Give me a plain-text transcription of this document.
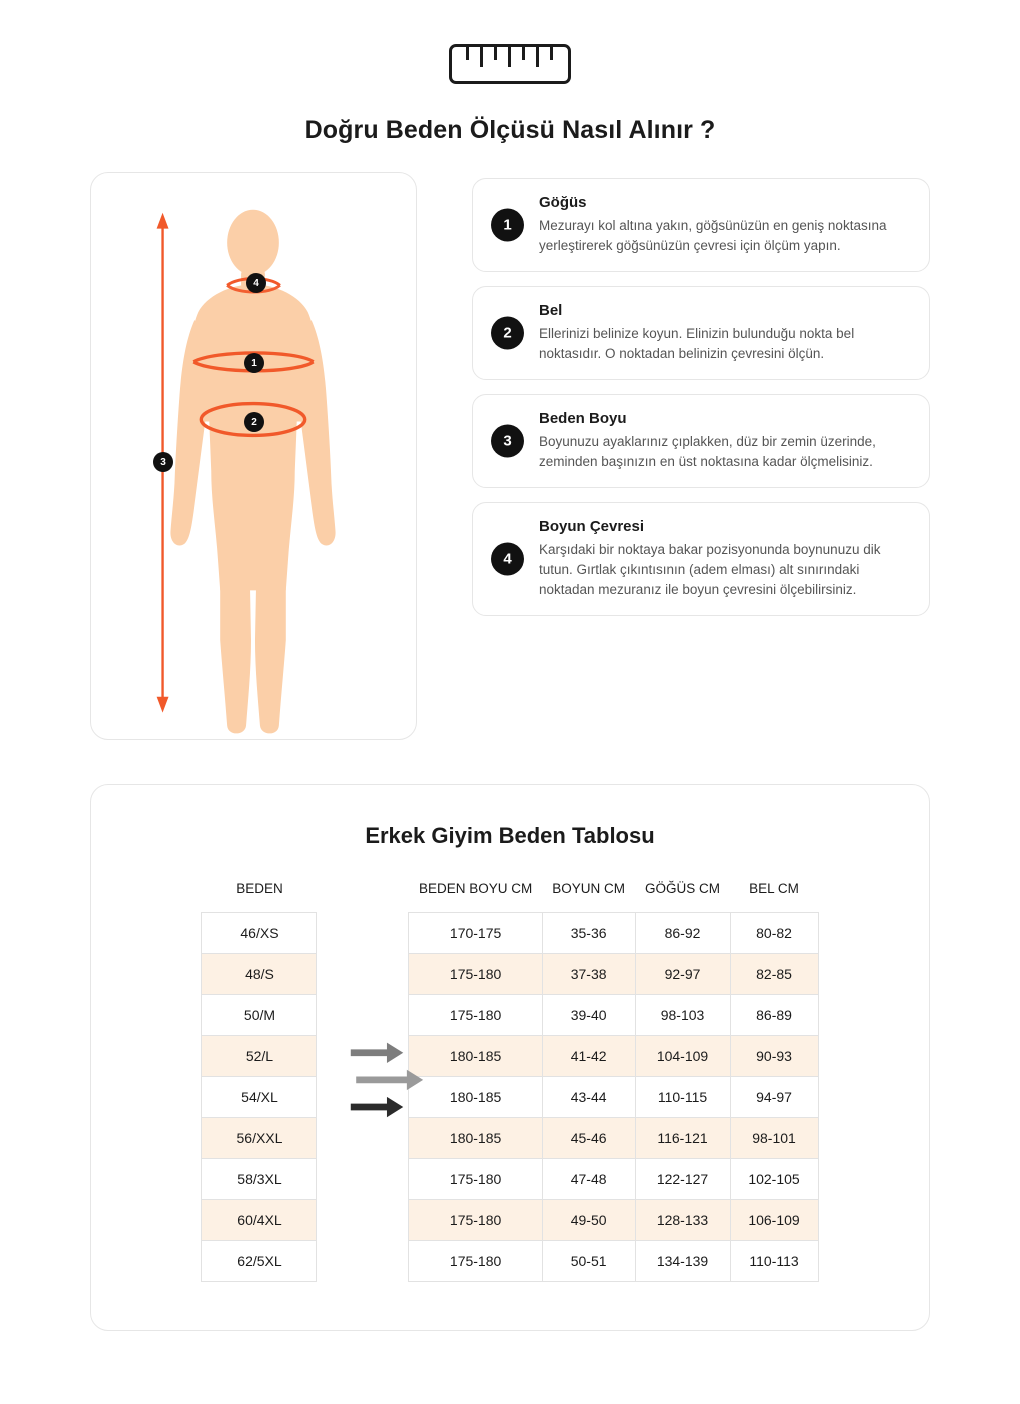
Doğru Beden Ölçüsü Nasıl Alınır ?
4
1
2
3
1
Göğüs
Mezurayı kol altına yakın, göğsünüzün en geniş noktasına yerleştirerek göğsünüzün çevresi için ölçüm yapın.
2
Bel
Ellerinizi belinize koyun. Elinizin bulunduğu nokta bel noktasıdır. O noktadan belinizin çevresini ölçün.
3
Beden Boyu
Boyunuzu ayaklarınız çıplakken, düz bir zemin üzerinde, zeminden başınızın en üst noktasına kadar ölçmelisiniz.
4
Boyun Çevresi
Karşıdaki bir noktaya bakar pozisyonunda boynunuzu dik tutun. Gırtlak çıkıntısının (adem elması) alt sınırındaki noktadan mezuranız ile boyun çevresini ölçebilirsiniz.
Erkek Giyim Beden Tablosu
BEDEN		BEDEN BOYU CM	BOYUN CM	GÖĞÜS CM	BEL CM
46/XS		170-175	35-36	86-92	80-82
48/S		175-180	37-38	92-97	82-85
50/M		175-180	39-40	98-103	86-89
52/L		180-185	41-42	104-109	90-93
54/XL		180-185	43-44	110-115	94-97
56/XXL		180-185	45-46	116-121	98-101
58/3XL		175-180	47-48	122-127	102-105
60/4XL		175-180	49-50	128-133	106-109
62/5XL		175-180	50-51	134-139	110-113
